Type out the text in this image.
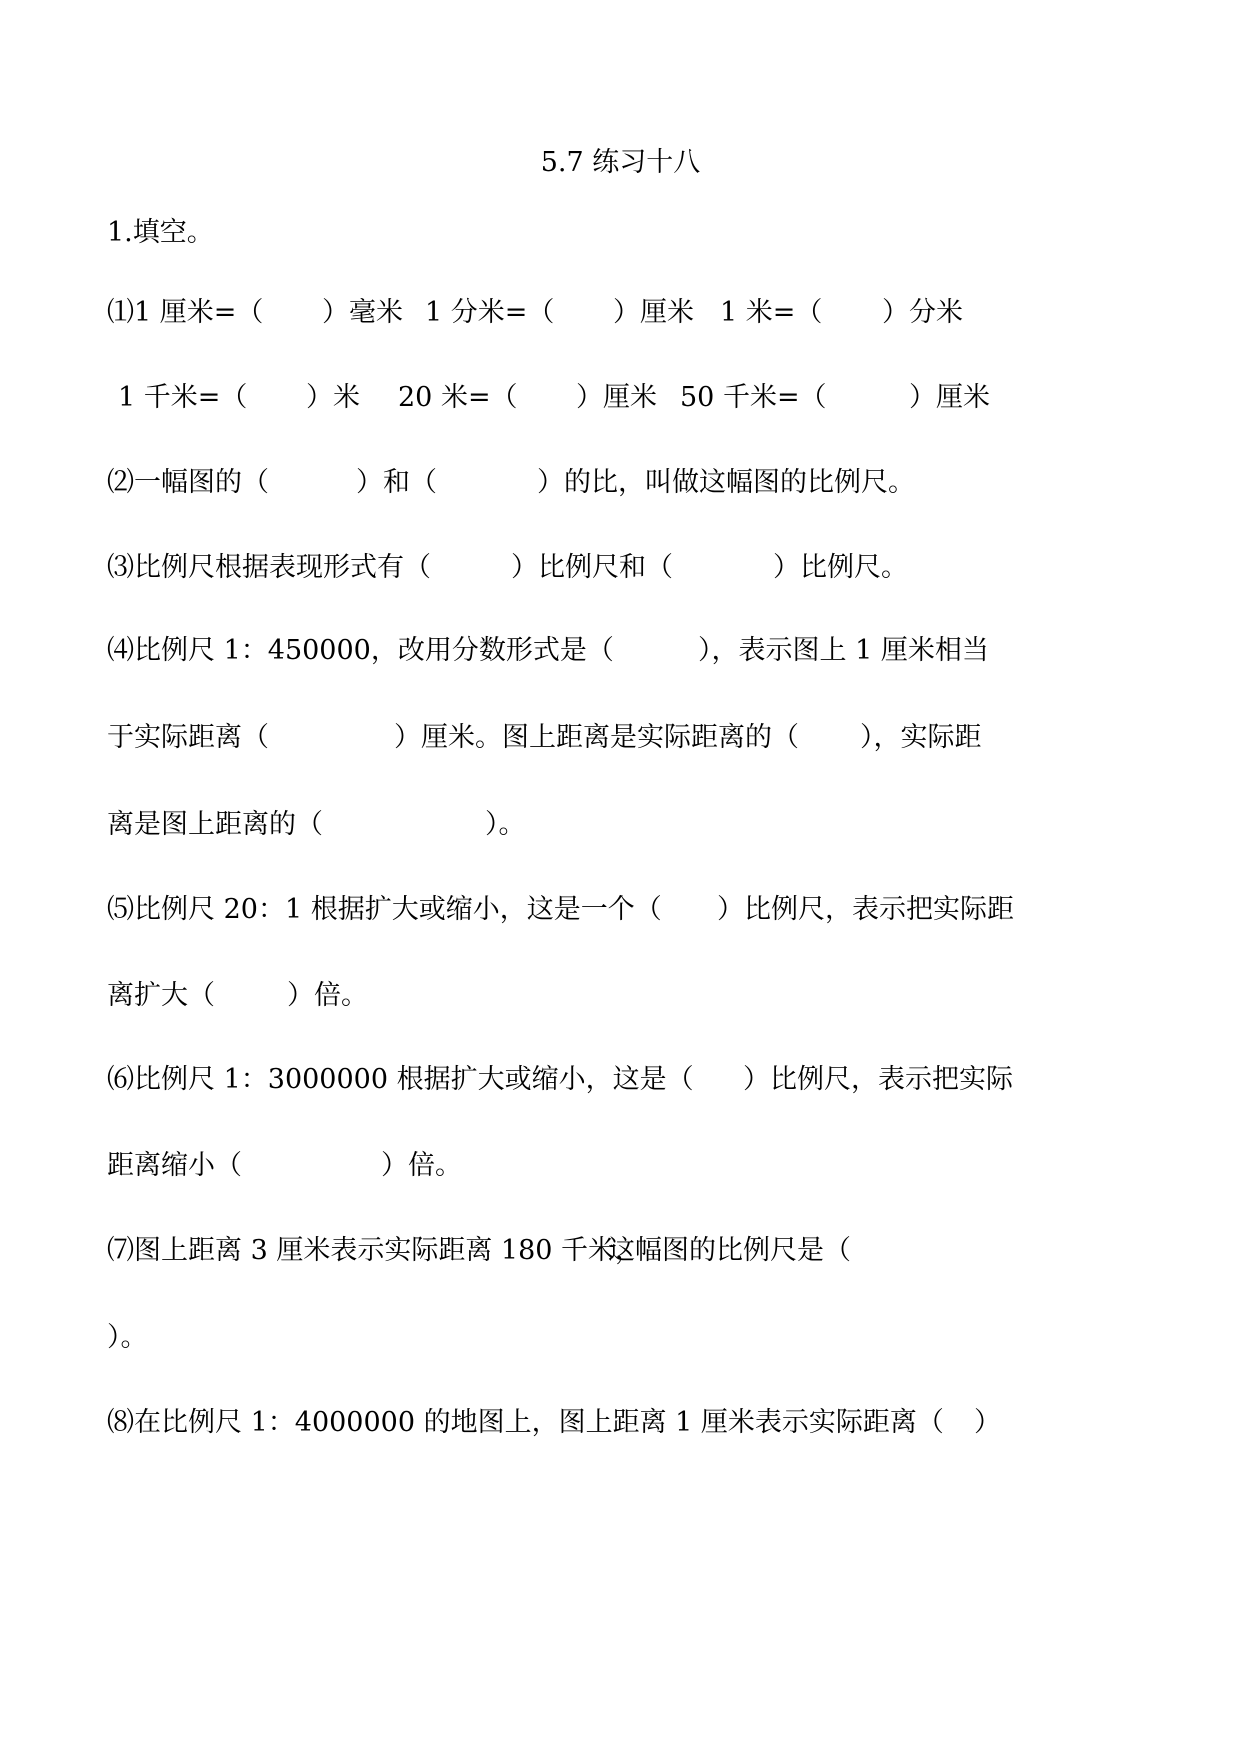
5.7 练习十八
1.填空。
⑴1 厘米=（ ）毫米 1 分米=（ ）厘米 1 米=（ ）分米
1 千米=（ ）米 20 米=（ ）厘米 50 千米=（	）厘米
⑵一幅图的（	）和（	）的比，叫做这幅图的比例尺。
⑶比例尺根据表现形式有（	）比例尺和（	）比例尺。
⑷比例尺 1：450000，改用分数形式是（	），表示图上 1 厘米相当
于实际距离（	）厘米。图上距离是实际距离的（ ），实际距
离是图上距离的（	）。
⑸比例尺 20：1 根据扩大或缩小，这是一个（ ）比例尺，表示把实际距
离扩大（	）倍。
⑹比例尺 1：3000000 根据扩大或缩小，这是（ ）比例尺，表示把实际
距离缩小（	）倍。
⑺图上距离 3 厘米表示实际距离 180 千米，
这幅图的比例尺是（
）。
⑻在比例尺 1：4000000 的地图上，图上距离 1 厘米表示实际距离（ ）
